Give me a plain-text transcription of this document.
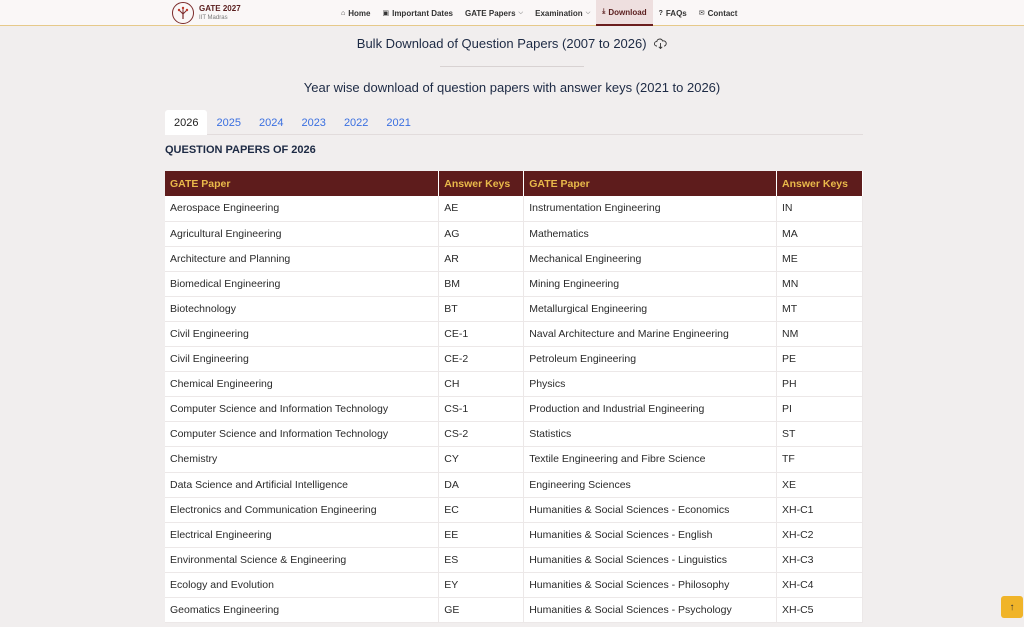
GATE 2027
IIT Madras
⌂ Home ▣ Important Dates GATE Papers ⌵ Examination ⌵ ⤓ Download ? FAQs ✉ Contact
Bulk Download of Question Papers (2007 to 2026)
Year wise download of question papers with answer keys (2021 to 2026)
2026	2025	2024	2023	2022	2021
QUESTION PAPERS OF 2026
GATE Paper	Answer Keys	GATE Paper	Answer Keys
Aerospace Engineering	AE	Instrumentation Engineering	IN
Agricultural Engineering	AG	Mathematics	MA
Architecture and Planning	AR	Mechanical Engineering	ME
Biomedical Engineering	BM	Mining Engineering	MN
Biotechnology	BT	Metallurgical Engineering	MT
Civil Engineering	CE-1	Naval Architecture and Marine Engineering	NM
Civil Engineering	CE-2	Petroleum Engineering	PE
Chemical Engineering	CH	Physics	PH
Computer Science and Information Technology	CS-1	Production and Industrial Engineering	PI
Computer Science and Information Technology	CS-2	Statistics	ST
Chemistry	CY	Textile Engineering and Fibre Science	TF
Data Science and Artificial Intelligence	DA	Engineering Sciences	XE
Electronics and Communication Engineering	EC	Humanities & Social Sciences - Economics	XH-C1
Electrical Engineering	EE	Humanities & Social Sciences - English	XH-C2
Environmental Science & Engineering	ES	Humanities & Social Sciences - Linguistics	XH-C3
Ecology and Evolution	EY	Humanities & Social Sciences - Philosophy	XH-C4
Geomatics Engineering	GE	Humanities & Social Sciences - Psychology	XH-C5	↑
